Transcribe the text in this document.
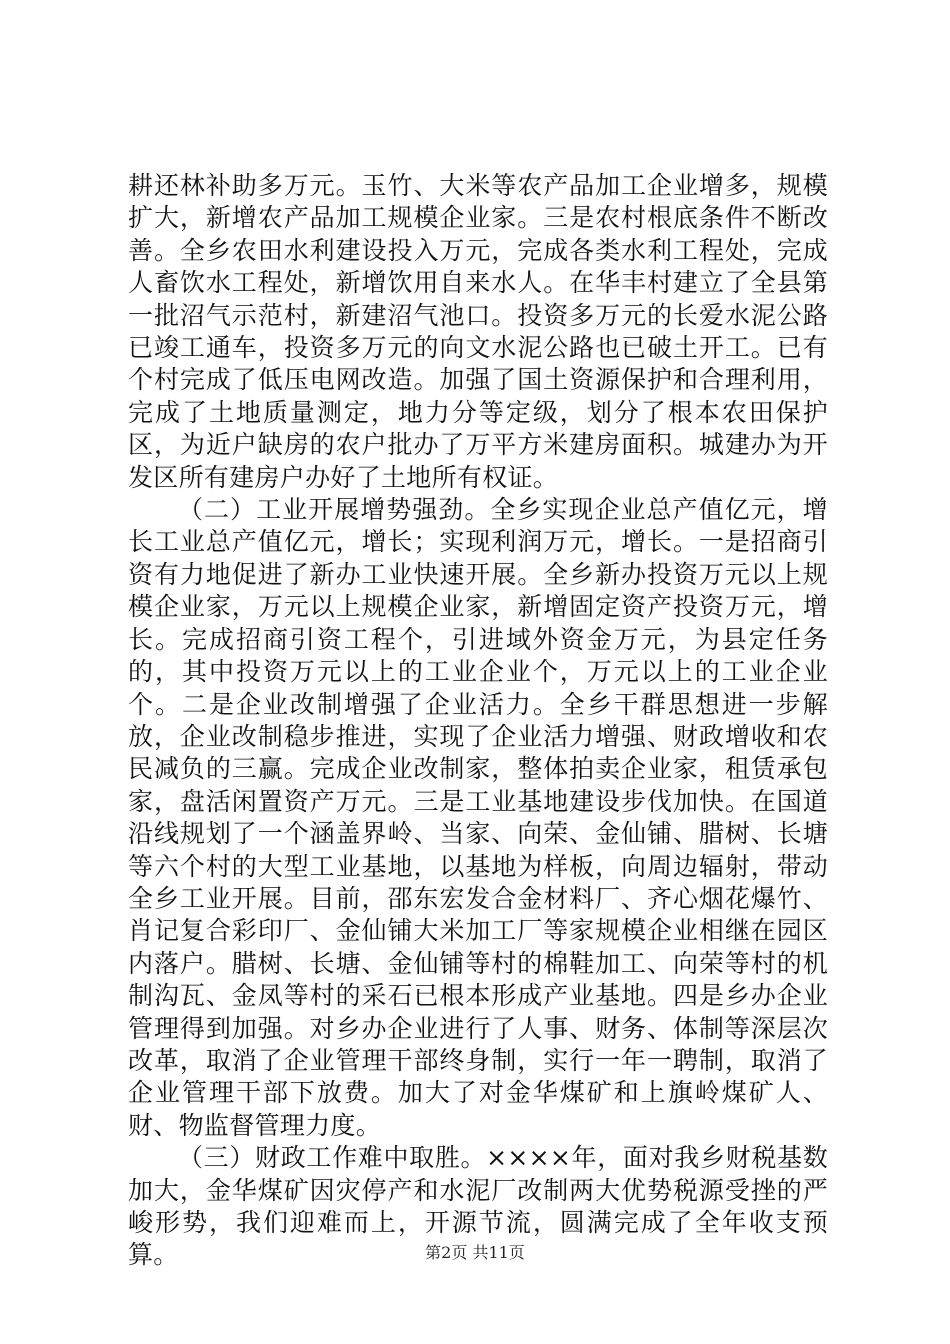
耕还林补助多万元。玉竹、大米等农产品加工企业增多，规模扩大，新增农产品加工规模企业家。三是农村根底条件不断改善。全乡农田水利建设投入万元，完成各类水利工程处，完成人畜饮水工程处，新增饮用自来水人。在华丰村建立了全县第一批沼气示范村，新建沼气池口。投资多万元的长爱水泥公路已竣工通车，投资多万元的向文水泥公路也已破土开工。已有个村完成了低压电网改造。加强了国土资源保护和合理利用，完成了土地质量测定，地力分等定级，划分了根本农田保护区，为近户缺房的农户批办了万平方米建房面积。城建办为开发区所有建房户办好了土地所有权证。

（二）工业开展增势强劲。全乡实现企业总产值亿元，增长工业总产值亿元，增长；实现利润万元，增长。一是招商引资有力地促进了新办工业快速开展。全乡新办投资万元以上规模企业家，万元以上规模企业家，新增固定资产投资万元，增长。完成招商引资工程个，引进域外资金万元，为县定任务的，其中投资万元以上的工业企业个，万元以上的工业企业个。二是企业改制增强了企业活力。全乡干群思想进一步解放，企业改制稳步推进，实现了企业活力增强、财政增收和农民减负的三赢。完成企业改制家，整体拍卖企业家，租赁承包家，盘活闲置资产万元。三是工业基地建设步伐加快。在国道沿线规划了一个涵盖界岭、当家、向荣、金仙铺、腊树、长塘等六个村的大型工业基地，以基地为样板，向周边辐射，带动全乡工业开展。目前，邵东宏发合金材料厂、齐心烟花爆竹、肖记复合彩印厂、金仙铺大米加工厂等家规模企业相继在园区内落户。腊树、长塘、金仙铺等村的棉鞋加工、向荣等村的机制沟瓦、金凤等村的采石已根本形成产业基地。四是乡办企业管理得到加强。对乡办企业进行了人事、财务、体制等深层次改革，取消了企业管理干部终身制，实行一年一聘制，取消了企业管理干部下放费。加大了对金华煤矿和上旗岭煤矿人、财、物监督管理力度。

（三）财政工作难中取胜。××××年，面对我乡财税基数加大，金华煤矿因灾停产和水泥厂改制两大优势税源受挫的严峻形势，我们迎难而上，开源节流，圆满完成了全年收支预算。	第2页 共11页
